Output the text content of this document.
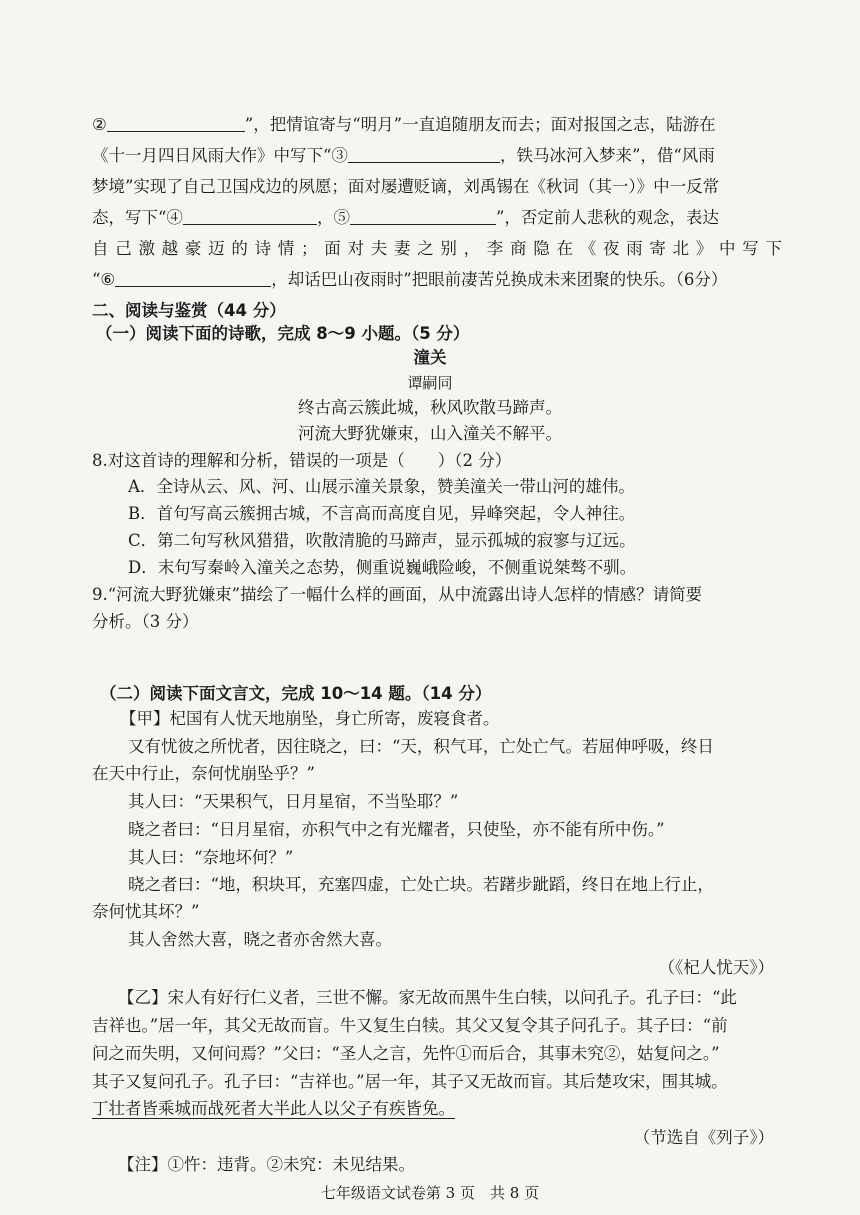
②	”，把情谊寄与“明月”一直追随朋友而去；面对报国之志，陆游在
《十一月四日风雨大作》中写下“③	，铁马冰河入梦来”，借“风雨
梦境”实现了自己卫国戍边的夙愿；面对屡遭贬谪，刘禹锡在《秋词（其一）》中一反常
态，写下“④	，⑤	”，否定前人悲秋的观念，表达
自己激越豪迈的诗情；面对夫妻之别，李商隐在《夜雨寄北》中写下
“⑥	，却话巴山夜雨时”把眼前凄苦兑换成未来团聚的快乐。（6分）
二、阅读与鉴赏（44 分）
（一）阅读下面的诗歌，完成 8～9 小题。（5 分）
潼关
谭嗣同
终古高云簇此城，秋风吹散马蹄声。
河流大野犹嫌束，山入潼关不解平。
8.对这首诗的理解和分析，错误的一项是（　　）（2 分）
A．全诗从云、风、河、山展示潼关景象，赞美潼关一带山河的雄伟。
B．首句写高云簇拥古城，不言高而高度自见，异峰突起，令人神往。
C．第二句写秋风猎猎，吹散清脆的马蹄声，显示孤城的寂寥与辽远。
D．末句写秦岭入潼关之态势，侧重说巍峨险峻，不侧重说桀骜不驯。
9.“河流大野犹嫌束”描绘了一幅什么样的画面，从中流露出诗人怎样的情感？请简要
分析。（3 分）
（二）阅读下面文言文，完成 10～14 题。（14 分）
【甲】杞国有人忧天地崩坠，身亡所寄，废寝食者。
又有忧彼之所忧者，因往晓之，曰：“天，积气耳，亡处亡气。若屈伸呼吸，终日
在天中行止，奈何忧崩坠乎？”
其人曰：“天果积气，日月星宿，不当坠耶？”
晓之者曰：“日月星宿，亦积气中之有光耀者，只使坠，亦不能有所中伤。”
其人曰：“奈地坏何？”
晓之者曰：“地，积块耳，充塞四虚，亡处亡块。若躇步跐蹈，终日在地上行止，
奈何忧其坏？”
其人舍然大喜，晓之者亦舍然大喜。
（《杞人忧天》）
【乙】宋人有好行仁义者，三世不懈。家无故而黑牛生白犊，以问孔子。孔子曰：“此
吉祥也。”居一年，其父无故而盲。牛又复生白犊。其父又复令其子问孔子。其子曰：“前
问之而失明，又何问焉？”父曰：“圣人之言，先忤①而后合，其事未究②，姑复问之。”
其子又复问孔子。孔子曰：“吉祥也。”居一年，其子又无故而盲。其后楚攻宋，围其城。
丁壮者皆乘城而战死者大半此人以父子有疾皆免。
（节选自《列子》）
【注】①忤：违背。②未究：未见结果。
七年级语文试卷第 3 页　共 8 页
